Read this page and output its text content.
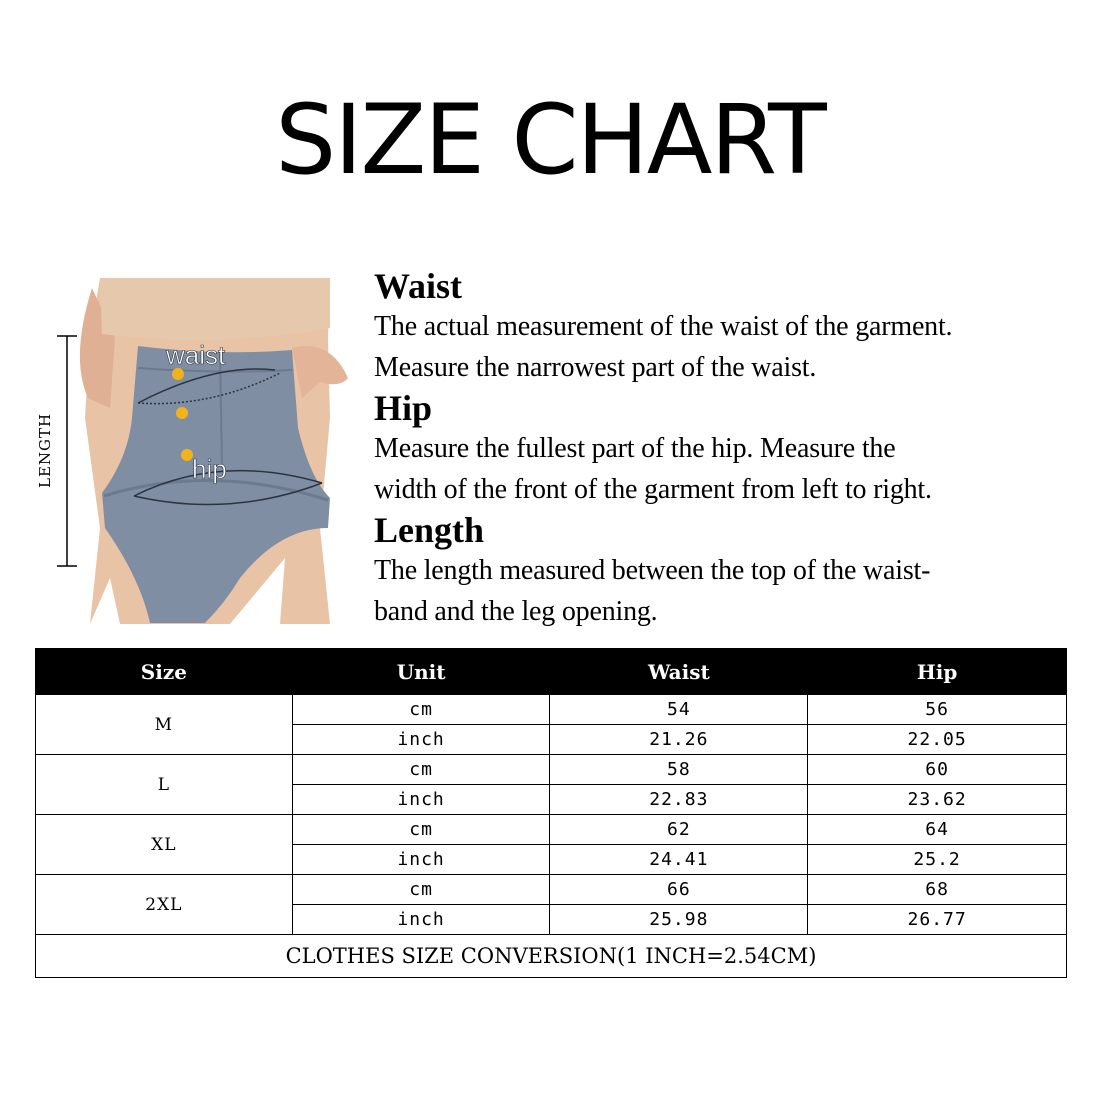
SIZE CHART
waist
hip
LENGTH
Waist

The actual measurement of the waist of the garment.

Measure the narrowest part of the waist.

Hip

Measure the fullest part of the hip. Measure the

width of the front of the garment from left to right.

Length

The length measured between the top of the waist-

band and the leg opening.

Size	Unit	Waist	Hip
M	cm	54	56
	inch	21.26	22.05
L	cm	58	60
	inch	22.83	23.62
XL	cm	62	64
	inch	24.41	25.2
2XL	cm	66	68
	inch	25.98	26.77
CLOTHES SIZE CONVERSION(1 INCH=2.54CM)			
